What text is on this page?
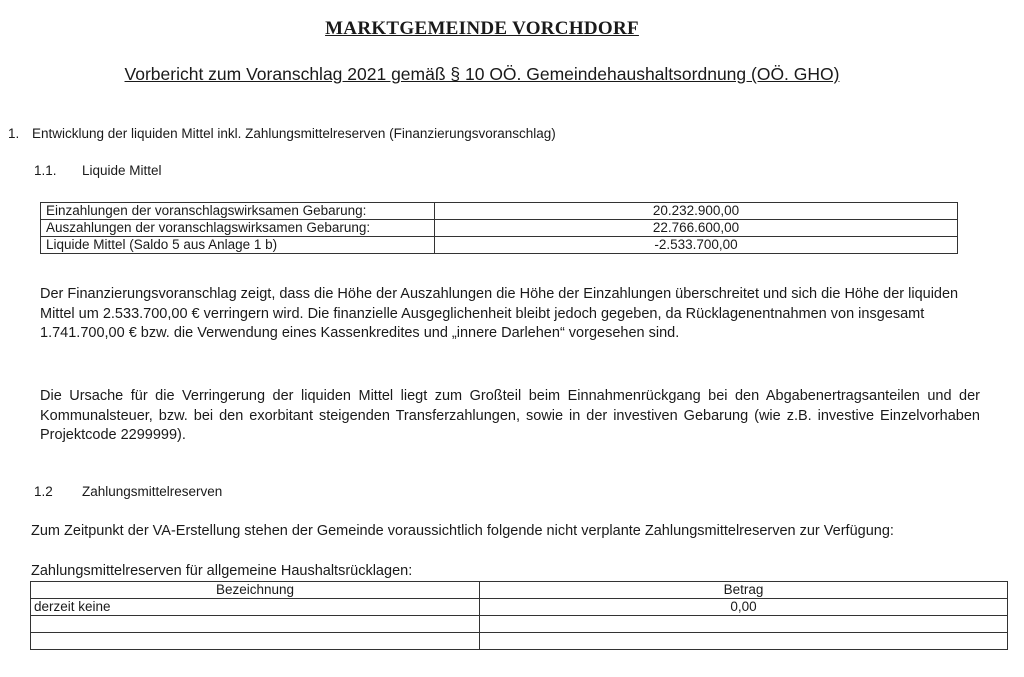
MARKTGEMEINDE VORCHDORF
Vorbericht zum Voranschlag 2021 gemäß § 10 OÖ. Gemeindehaushaltsordnung (OÖ. GHO)
1. Entwicklung der liquiden Mittel inkl. Zahlungsmittelreserven (Finanzierungsvoranschlag)
1.1. Liquide Mittel
Einzahlungen der voranschlagswirksamen Gebarung:	20.232.900,00
Auszahlungen der voranschlagswirksamen Gebarung:	22.766.600,00
Liquide Mittel (Saldo 5 aus Anlage 1 b)	-2.533.700,00
Der Finanzierungsvoranschlag zeigt, dass die Höhe der Auszahlungen die Höhe der Einzahlungen überschreitet und sich die Höhe der liquiden Mittel um 2.533.700,00 € verringern wird. Die finanzielle Ausgeglichenheit bleibt jedoch gegeben, da Rücklagenentnahmen von insgesamt 1.741.700,00 € bzw. die Verwendung eines Kassenkredites und „innere Darlehen“ vorgesehen sind.
Die Ursache für die Verringerung der liquiden Mittel liegt zum Großteil beim Einnahmenrückgang bei den Abgabenertragsanteilen und der Kommunalsteuer, bzw. bei den exorbitant steigenden Transferzahlungen, sowie in der investiven Gebarung (wie z.B. investive Einzelvorhaben Projektcode 2299999).
1.2 Zahlungsmittelreserven
Zum Zeitpunkt der VA-Erstellung stehen der Gemeinde voraussichtlich folgende nicht verplante Zahlungsmittelreserven zur Verfügung:
Zahlungsmittelreserven für allgemeine Haushaltsrücklagen:
Bezeichnung	Betrag
derzeit keine	0,00
